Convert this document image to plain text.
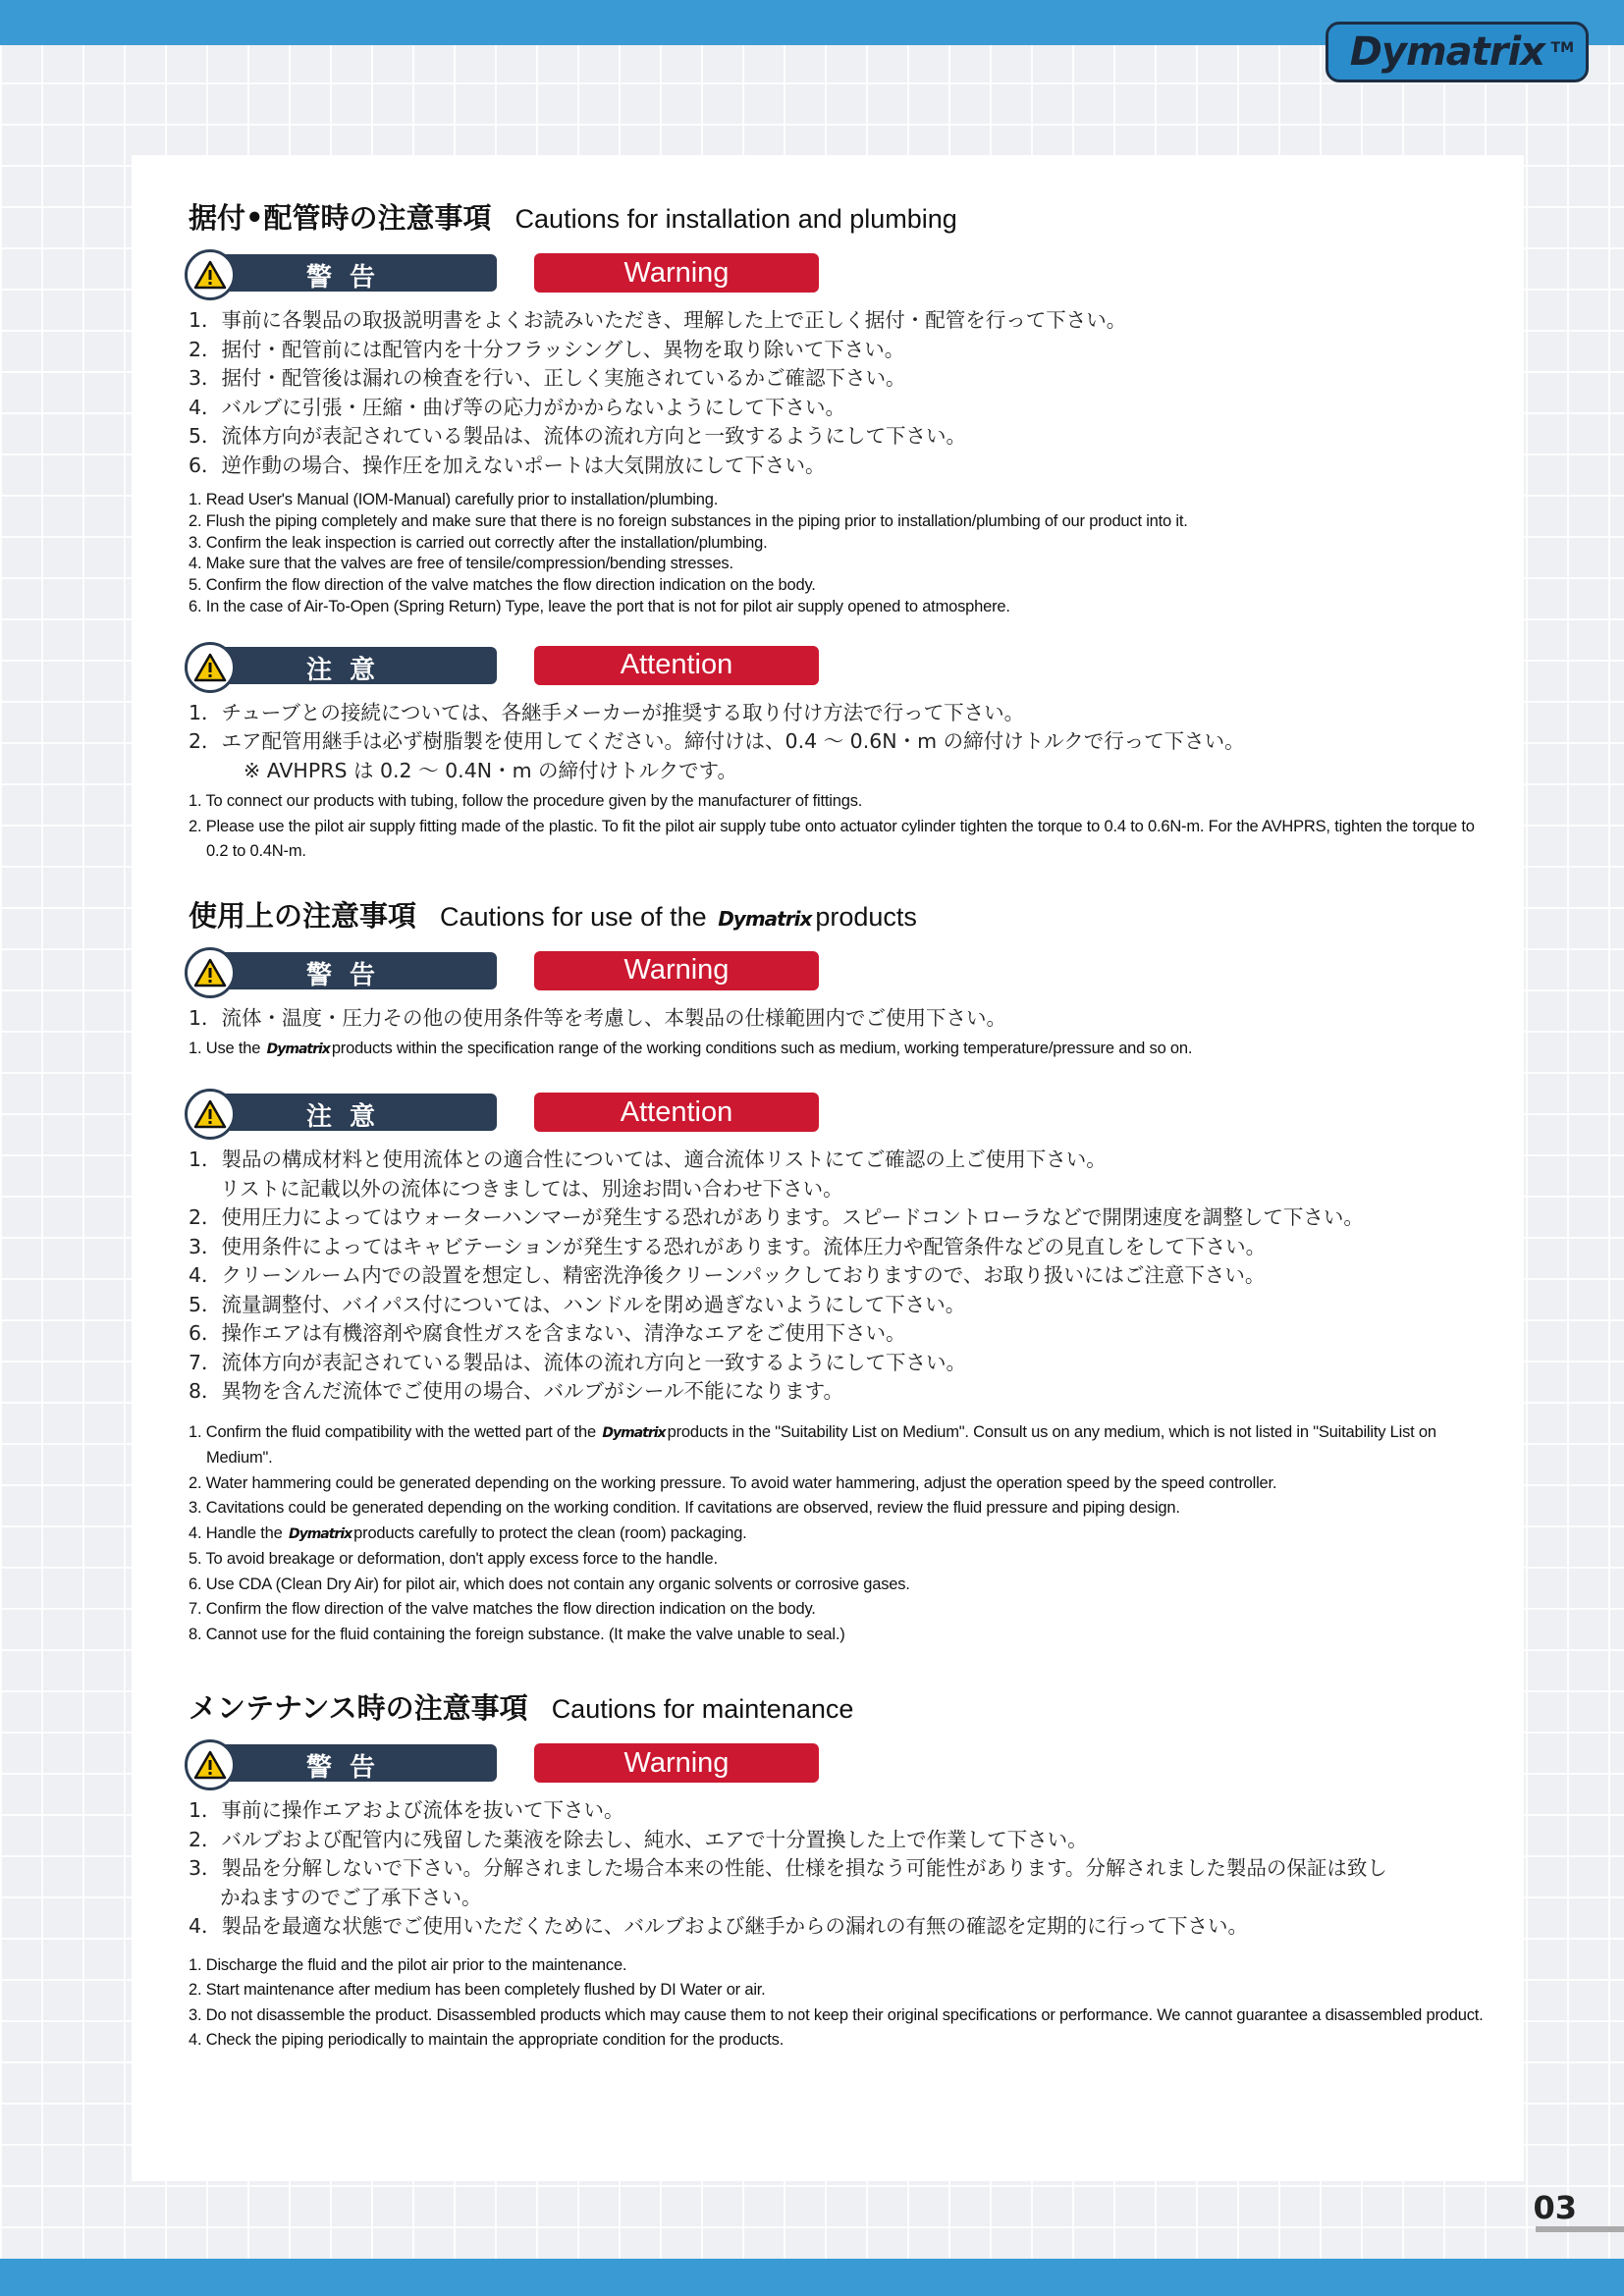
Dymatrix TM
据付•配管時の注意事項 Cautions for installation and plumbing
警告	Warning
1．事前に各製品の取扱説明書をよくお読みいただき、理解した上で正しく据付・配管を行って下さい。
2．据付・配管前には配管内を十分フラッシングし、異物を取り除いて下さい。
3．据付・配管後は漏れの検査を行い、正しく実施されているかご確認下さい。
4．バルブに引張・圧縮・曲げ等の応力がかからないようにして下さい。
5．流体方向が表記されている製品は、流体の流れ方向と一致するようにして下さい。
6．逆作動の場合、操作圧を加えないポートは大気開放にして下さい。
1. Read User's Manual (IOM-Manual) carefully prior to installation/plumbing.
2. Flush the piping completely and make sure that there is no foreign substances in the piping prior to installation/plumbing of our product into it.
3. Confirm the leak inspection is carried out correctly after the installation/plumbing.
4. Make sure that the valves are free of tensile/compression/bending stresses.
5. Confirm the flow direction of the valve matches the flow direction indication on the body.
6. In the case of Air-To-Open (Spring Return) Type, leave the port that is not for pilot air supply opened to atmosphere.
注意	Attention
1．チューブとの接続については、各継手メーカーが推奨する取り付け方法で行って下さい。
2．エア配管用継手は必ず樹脂製を使用してください。締付けは、0.4 ～ 0.6N・m の締付けトルクで行って下さい。
※ AVHPRS は 0.2 ～ 0.4N・m の締付けトルクです。
1. To connect our products with tubing, follow the procedure given by the manufacturer of fittings.
2. Please use the pilot air supply fitting made of the plastic. To fit the pilot air supply tube onto actuator cylinder tighten the torque to 0.4 to 0.6N-m. For the AVHPRS, tighten the torque to 0.2 to 0.4N-m.
使用上の注意事項 Cautions for use of the Dymatrix products
警告	Warning
1．流体・温度・圧力その他の使用条件等を考慮し、本製品の仕様範囲内でご使用下さい。
1. Use the Dymatrix products within the specification range of the working conditions such as medium, working temperature/pressure and so on.
注意	Attention
1．製品の構成材料と使用流体との適合性については、適合流体リストにてご確認の上ご使用下さい。
リストに記載以外の流体につきましては、別途お問い合わせ下さい。
2．使用圧力によってはウォーターハンマーが発生する恐れがあります。スピードコントローラなどで開閉速度を調整して下さい。
3．使用条件によってはキャビテーションが発生する恐れがあります。流体圧力や配管条件などの見直しをして下さい。
4．クリーンルーム内での設置を想定し、精密洗浄後クリーンパックしておりますので、お取り扱いにはご注意下さい。
5．流量調整付、バイパス付については、ハンドルを閉め過ぎないようにして下さい。
6．操作エアは有機溶剤や腐食性ガスを含まない、清浄なエアをご使用下さい。
7．流体方向が表記されている製品は、流体の流れ方向と一致するようにして下さい。
8．異物を含んだ流体でご使用の場合、バルブがシール不能になります。
1. Confirm the fluid compatibility with the wetted part of the Dymatrix products in the "Suitability List on Medium". Consult us on any medium, which is not listed in "Suitability List on Medium".
2. Water hammering could be generated depending on the working pressure. To avoid water hammering, adjust the operation speed by the speed controller.
3. Cavitations could be generated depending on the working condition. If cavitations are observed, review the fluid pressure and piping design.
4. Handle the Dymatrix products carefully to protect the clean (room) packaging.
5. To avoid breakage or deformation, don't apply excess force to the handle.
6. Use CDA (Clean Dry Air) for pilot air, which does not contain any organic solvents or corrosive gases.
7. Confirm the flow direction of the valve matches the flow direction indication on the body.
8. Cannot use for the fluid containing the foreign substance. (It make the valve unable to seal.)
メンテナンス時の注意事項 Cautions for maintenance
警告	Warning
1．事前に操作エアおよび流体を抜いて下さい。
2．バルブおよび配管内に残留した薬液を除去し、純水、エアで十分置換した上で作業して下さい。
3．製品を分解しないで下さい。分解されました場合本来の性能、仕様を損なう可能性があります。分解されました製品の保証は致し
かねますのでご了承下さい。
4．製品を最適な状態でご使用いただくために、バルブおよび継手からの漏れの有無の確認を定期的に行って下さい。
1. Discharge the fluid and the pilot air prior to the maintenance.
2. Start maintenance after medium has been completely flushed by DI Water or air.
3. Do not disassemble the product. Disassembled products which may cause them to not keep their original specifications or performance. We cannot guarantee a disassembled product.
4. Check the piping periodically to maintain the appropriate condition for the products.
03
